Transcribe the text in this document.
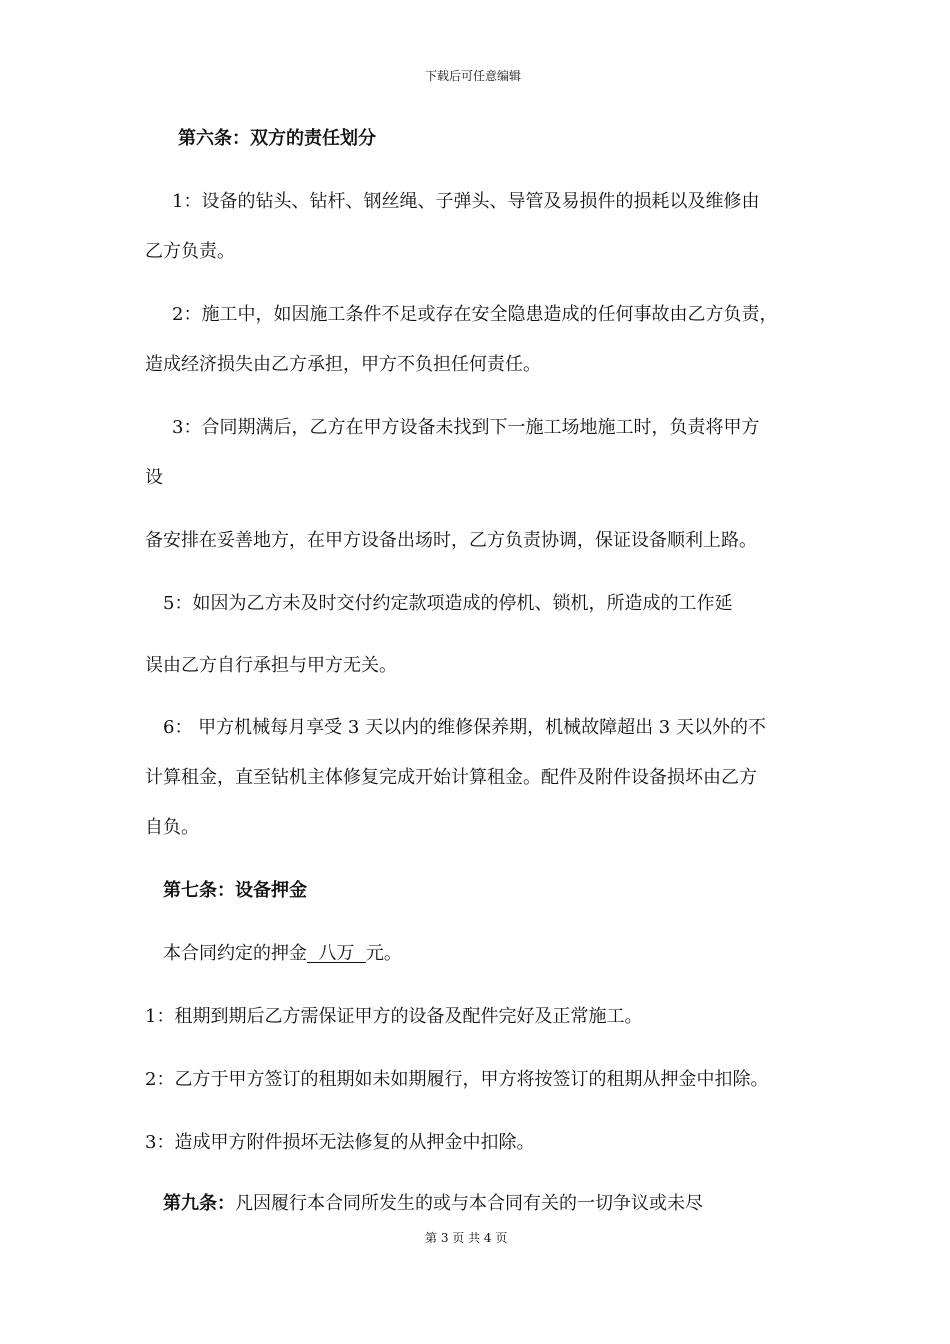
下载后可任意编辑
第六条：双方的责任划分
1：设备的钻头、钻杆、钢丝绳、子弹头、导管及易损件的损耗以及维修由
乙方负责。
2：施工中，如因施工条件不足或存在安全隐患造成的任何事故由乙方负责，
造成经济损失由乙方承担，甲方不负担任何责任。
3：合同期满后，乙方在甲方设备未找到下一施工场地施工时，负责将甲方
设
备安排在妥善地方，在甲方设备出场时，乙方负责协调，保证设备顺利上路。
5：如因为乙方未及时交付约定款项造成的停机、锁机，所造成的工作延
误由乙方自行承担与甲方无关。
6： 甲方机械每月享受 3 天以内的维修保养期，机械故障超出 3 天以外的不
计算租金，直至钻机主体修复完成开始计算租金。配件及附件设备损坏由乙方
自负。
第七条：设备押金
本合同约定的押金  八万  元。
1：租期到期后乙方需保证甲方的设备及配件完好及正常施工。
2：乙方于甲方签订的租期如未如期履行，甲方将按签订的租期从押金中扣除。
3：造成甲方附件损坏无法修复的从押金中扣除。
第九条：凡因履行本合同所发生的或与本合同有关的一切争议或未尽
第 3 页 共 4 页
